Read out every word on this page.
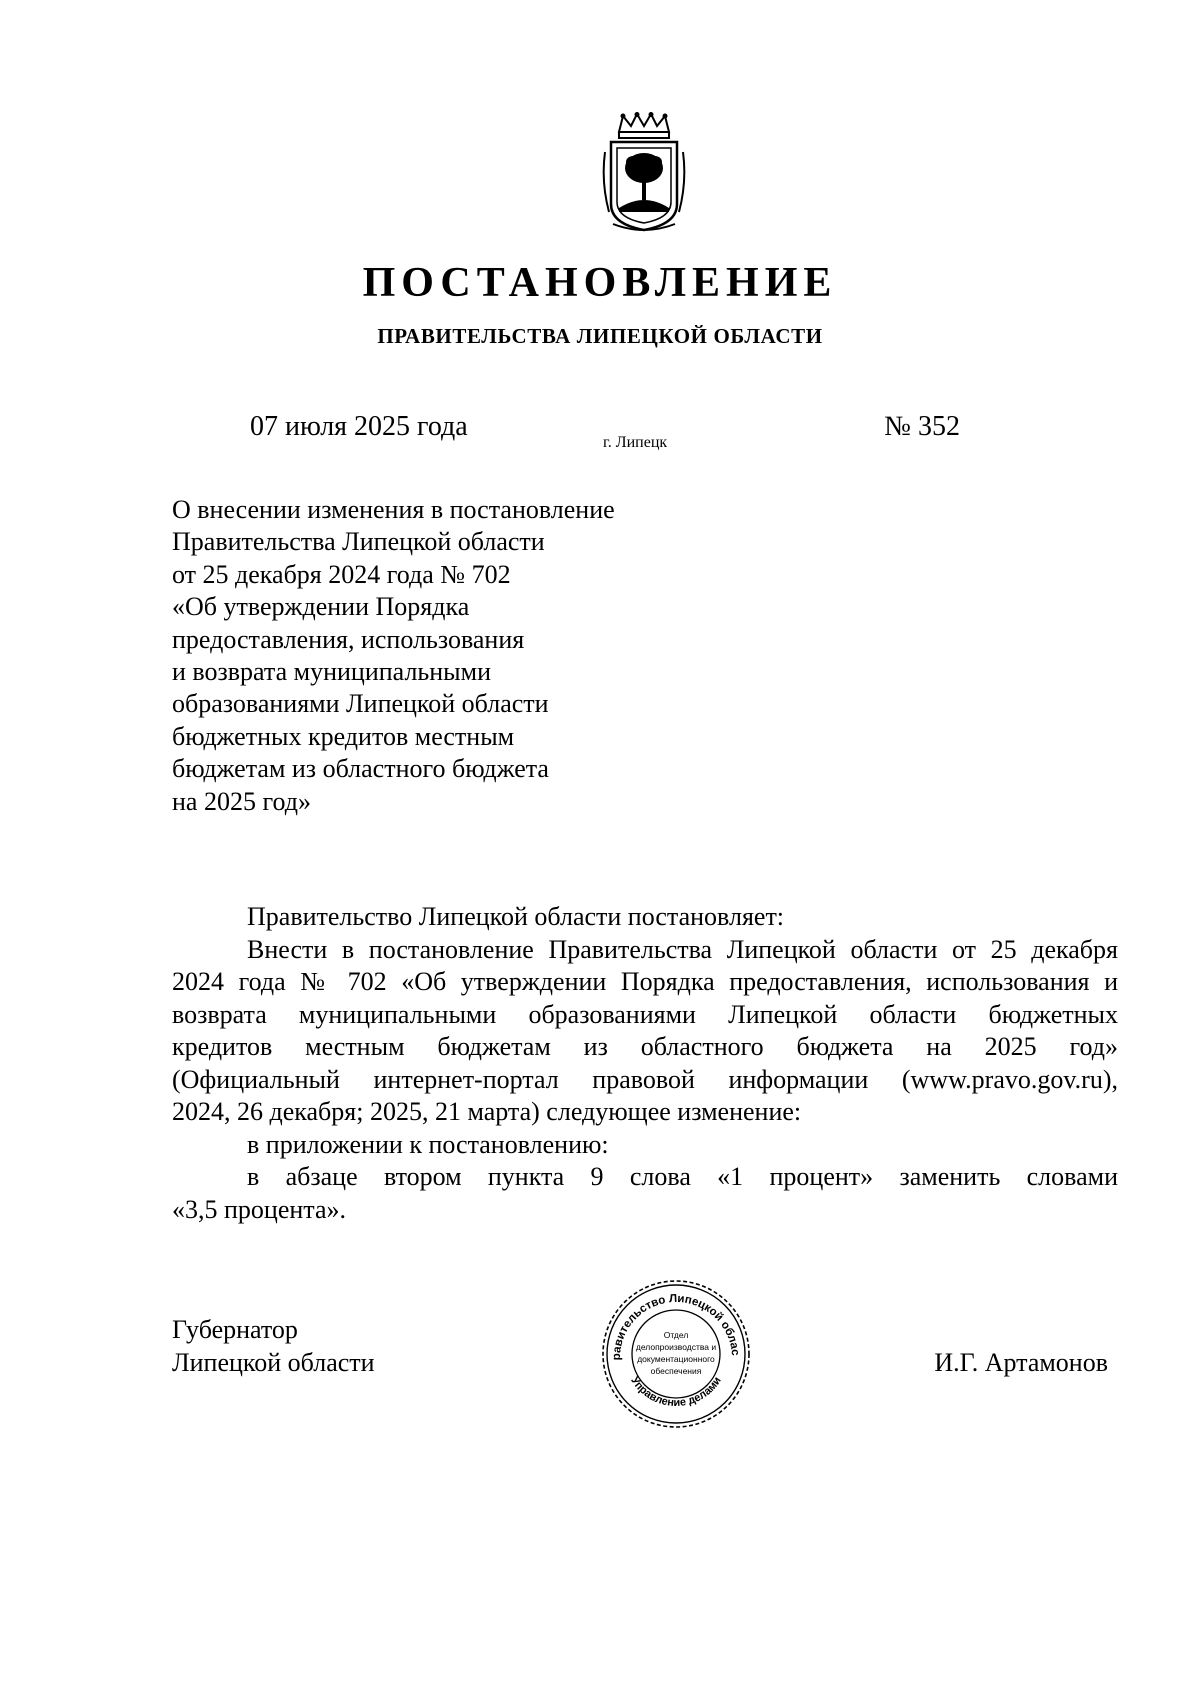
ПОСТАНОВЛЕНИЕ
ПРАВИТЕЛЬСТВА ЛИПЕЦКОЙ ОБЛАСТИ
07 июля 2025 года
г. Липецк
№ 352
О внесении изменения в постановление
Правительства Липецкой области
от 25 декабря 2024 года № 702
«Об утверждении Порядка
предоставления, использования
и возврата муниципальными
образованиями Липецкой области
бюджетных кредитов местным
бюджетам из областного бюджета
на 2025 год»
Правительство Липецкой области постановляет:
Внести в постановление Правительства Липецкой области от 25 декабря
2024 года № 702 «Об утверждении Порядка предоставления, использования и
возврата муниципальными образованиями Липецкой области бюджетных
кредитов местным бюджетам из областного бюджета на 2025 год»
(Официальный интернет-портал правовой информации (www.pravo.gov.ru),
2024, 26 декабря; 2025, 21 марта) следующее изменение:
в приложении к постановлению:
в абзаце втором пункта 9 слова «1 процент» заменить словами
«3,5 процента».
Губернатор
Липецкой области	И.Г. Артамонов
равительство Липецкой облас
Управление делами
Отдел
делопроизводства и
документационного
обеспечения
